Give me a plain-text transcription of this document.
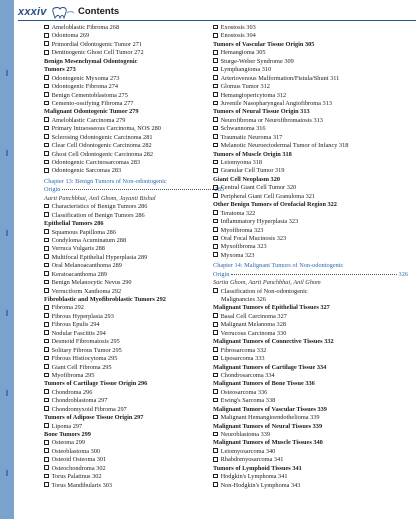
xxxiv	Contents
Ameloblastic Fibroma 268
Odontoma 269
Primordial Odontogenic Tumor 271
Dentinogenic Ghost Cell Tumor 272
Benign Mesenchymal Odontogenic
Tumors 273
Odontogenic Myxoma 273
Odontogenic Fibroma 274
Benign Cementoblastoma 275
Cemento-ossifying Fibroma 277
Malignant Odontogenic Tumor 279
Ameloblastic Carcinoma 279
Primary Intraosseous Carcinoma, NOS 280
Sclerosing Odontogenic Carcinoma 281
Clear Cell Odontogenic Carcinoma 282
Ghost Cell Odontogenic Carcinoma 282
Odontogenic Carcinosarcomas 283
Odontogenic Sarcomas 283
Chapter 13: Benign Tumors of Non-odontogenic
Origin	285
Aarti Panchbhai, Anil Ghom, Jayanti Bishal
Characteristics of Benign Tumors 286
Classification of Benign Tumors 286
Epithelial Tumors 286
Squamous Papilloma 286
Condyloma Acuminatum 288
Verruca Vulgaris 288
Multifocal Epithelial Hyperplasia 289
Oral Melanoacanthoma 289
Keratoacanthoma 289
Benign Melanocytic Nevus 290
Verruciform Xanthoma 292
Fibroblastic and Myofibroblastic Tumors 292
Fibroma 292
Fibrous Hyperplasia 293
Fibrous Epulis 294
Nodular Fasciitis 294
Desmoid Fibromatosis 295
Solitary Fibrous Tumor 295
Fibrous Histiocytoma 295
Giant Cell Fibroma 295
Myofibroma 295
Tumors of Cartilage Tissue Origin 296
Chondroma 296
Chondroblastoma 297
Chondromyxoid Fibroma 297
Tumors of Adipose Tissue Origin 297
Lipoma 297
Bone Tumors 299
Osteoma 299
Osteoblastoma 300
Osteoid Osteoma 301
Osteochondroma 302
Torus Palatinus 302
Torus Mandibularis 303
Exostosis 303
Enostosis 304
Tumors of Vascular Tissue Origin 305
Hemangioma 305
Sturge-Weber Syndrome 309
Lymphangioma 310
Arteriovenous Malformation/Fistula/Shunt 311
Glomus Tumor 312
Hemangiopericytoma 312
Juvenile Nasopharyngeal Angiofibroma 313
Tumors of Neural Tissue Origin 313
Neurofibroma or Neurofibromatosis 313
Schwannoma 316
Traumatic Neuroma 317
Melanotic Neuroectodermal Tumor of Infancy 318
Tumors of Muscle Origin 318
Leiomyoma 318
Granular Cell Tumor 319
Giant Cell Neoplasm 320
Central Giant Cell Tumor 320
Peripheral Giant Cell Granuloma 321
Other Benign Tumors of Orofacial Region 322
Teratoma 322
Inflammatory Hyperplasia 323
Myofibroma 323
Oral Focal Mucinosis 323
Myxofibroma 323
Myxoma 323
Chapter 14: Malignant Tumors of Non-odontogenic
Origin	326
Sarita Ghom, Aarti Panchbhai, Anil Ghom
Classification of Non-odontogenic
Malignancies 326
Malignant Tumors of Epithelial Tissues 327
Basal Cell Carcinoma 327
Malignant Melanoma 328
Verrucous Carcinoma 330
Malignant Tumors of Connective Tissues 332
Fibrosarcoma 332
Liposarcoma 333
Malignant Tumors of Cartilage Tissue 334
Chondrosarcoma 334
Malignant Tumors of Bone Tissue 336
Osteosarcoma 336
Ewing's Sarcoma 338
Malignant Tumors of Vascular Tissues 339
Malignant Hemangioendothelioma 339
Malignant Tumors of Neural Tissues 339
Neuroblastoma 339
Malignant Tumors of Muscle Tissues 340
Leiomyosarcoma 340
Rhabdomyosarcoma 341
Tumors of Lymphoid Tissues 341
Hodgkin's Lymphoma 341
Non-Hodgkin's Lymphoma 343
